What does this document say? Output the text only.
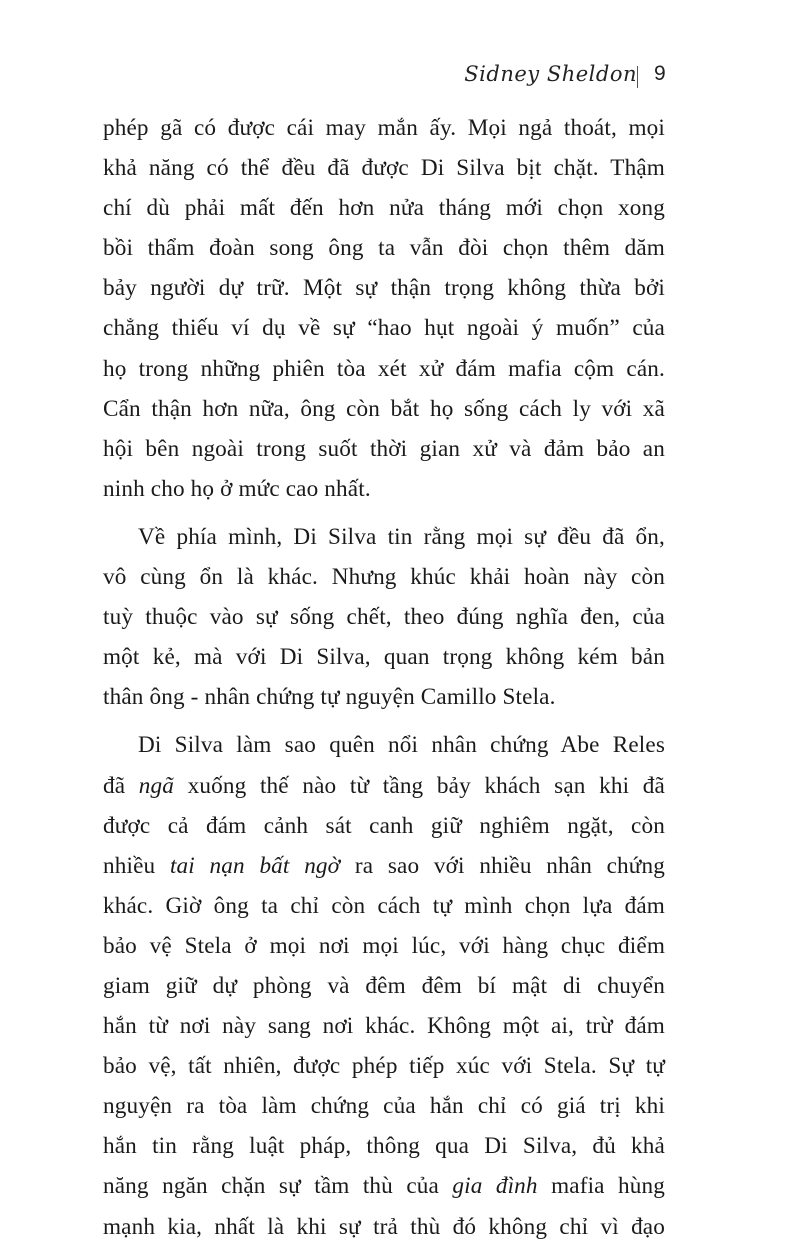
Sidney Sheldon 9
phép gã có được cái may mắn ấy. Mọi ngả thoát, mọi
khả năng có thể đều đã được Di Silva bịt chặt. Thậm
chí dù phải mất đến hơn nửa tháng mới chọn xong
bồi thẩm đoàn song ông ta vẫn đòi chọn thêm dăm
bảy người dự trữ. Một sự thận trọng không thừa bởi
chẳng thiếu ví dụ về sự “hao hụt ngoài ý muốn” của
họ trong những phiên tòa xét xử đám mafia cộm cán.
Cẩn thận hơn nữa, ông còn bắt họ sống cách ly với xã
hội bên ngoài trong suốt thời gian xử và đảm bảo an
ninh cho họ ở mức cao nhất.
Về phía mình, Di Silva tin rằng mọi sự đều đã ổn,
vô cùng ổn là khác. Nhưng khúc khải hoàn này còn
tuỳ thuộc vào sự sống chết, theo đúng nghĩa đen, của
một kẻ, mà với Di Silva, quan trọng không kém bản
thân ông - nhân chứng tự nguyện Camillo Stela.
Di Silva làm sao quên nổi nhân chứng Abe Reles
đã ngã xuống thế nào từ tầng bảy khách sạn khi đã
được cả đám cảnh sát canh giữ nghiêm ngặt, còn
nhiều tai nạn bất ngờ ra sao với nhiều nhân chứng
khác. Giờ ông ta chỉ còn cách tự mình chọn lựa đám
bảo vệ Stela ở mọi nơi mọi lúc, với hàng chục điểm
giam giữ dự phòng và đêm đêm bí mật di chuyển
hắn từ nơi này sang nơi khác. Không một ai, trừ đám
bảo vệ, tất nhiên, được phép tiếp xúc với Stela. Sự tự
nguyện ra tòa làm chứng của hắn chỉ có giá trị khi
hắn tin rằng luật pháp, thông qua Di Silva, đủ khả
năng ngăn chặn sự tầm thù của gia đình mafia hùng
mạnh kia, nhất là khi sự trả thù đó không chỉ vì đạo
